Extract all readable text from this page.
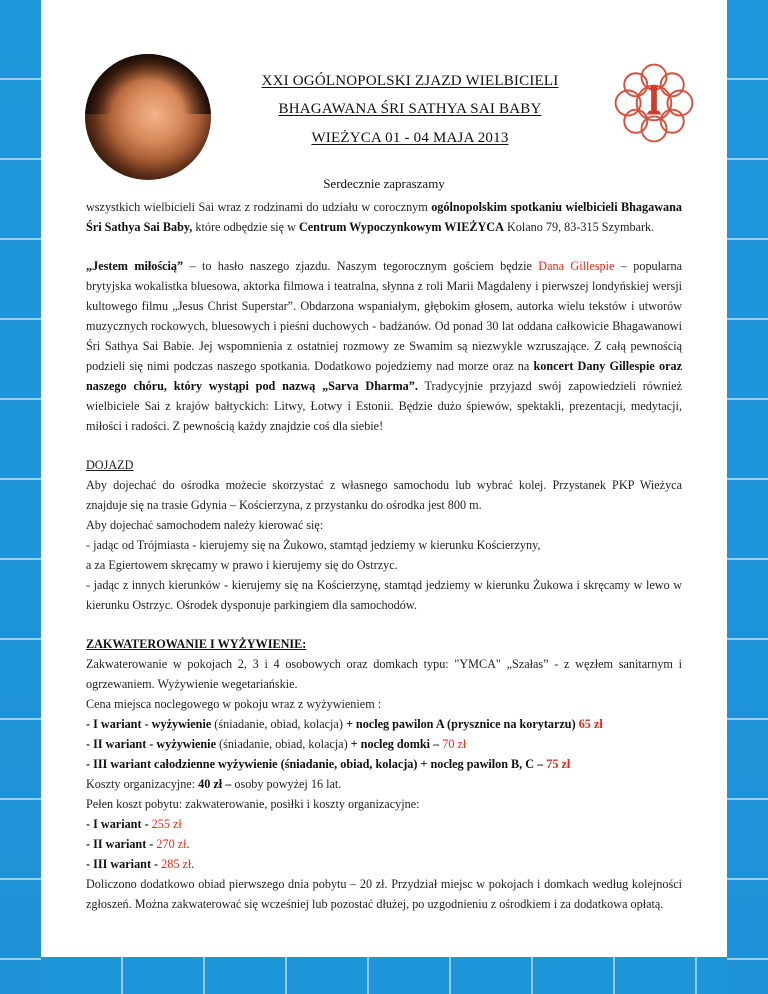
XXI OGÓLNOPOLSKI ZJAZD WIELBICIELI
BHAGAWANA ŚRI SATHYA SAI BABY
WIEŻYCA 01 - 04 MAJA 2013
Serdecznie zapraszamy

wszystkich wielbicieli Sai wraz z rodzinami do udziału w corocznym ogólnopolskim spotkaniu wielbicieli Bhagawana Śri Sathya Sai Baby, które odbędzie się w Centrum Wypoczynkowym WIEŻYCA Kolano 79, 83-315 Szymbark.

„Jestem miłością” – to hasło naszego zjazdu. Naszym tegorocznym gościem będzie Dana Gillespie – popularna brytyjska wokalistka bluesowa, aktorka filmowa i teatralna, słynna z roli Marii Magdaleny i pierwszej londyńskiej wersji kultowego filmu „Jesus Christ Superstar”. Obdarzona wspaniałym, głębokim głosem, autorka wielu tekstów i utworów muzycznych rockowych, bluesowych i pieśni duchowych - badżanów. Od ponad 30 lat oddana całkowicie Bhagawanowi Śri Sathya Sai Babie. Jej wspomnienia z ostatniej rozmowy ze Swamim są niezwykle wzruszające. Z całą pewnością podzieli się nimi podczas naszego spotkania. Dodatkowo pojedziemy nad morze oraz na koncert Dany Gillespie oraz naszego chóru, który wystąpi pod nazwą „Sarva Dharma”. Tradycyjnie przyjazd swój zapowiedzieli również wielbiciele Sai z krajów bałtyckich: Litwy, Łotwy i Estonii. Będzie dużo śpiewów, spektakli, prezentacji, medytacji, miłości i radości. Z pewnością każdy znajdzie coś dla siebie!

DOJAZD
Aby dojechać do ośrodka możecie skorzystać z własnego samochodu lub wybrać kolej. Przystanek PKP Wieżyca znajduje się na trasie Gdynia – Kościerzyna, z przystanku do ośrodka jest 800 m.
Aby dojechać samochodem należy kierować się:
- jadąc od Trójmiasta - kierujemy się na Żukowo, stamtąd jedziemy w kierunku Kościerzyny,
a za Egiertowem skręcamy w prawo i kierujemy się do Ostrzyc.
- jadąc z innych kierunków - kierujemy się na Kościerzynę, stamtąd jedziemy w kierunku Żukowa i skręcamy w lewo w kierunku Ostrzyc. Ośrodek dysponuje parkingiem dla samochodów.
ZAKWATEROWANIE I WYŻYWIENIE:
Zakwaterowanie w pokojach 2, 3 i 4 osobowych oraz domkach typu: "YMCA" „Szałas” - z węzłem sanitarnym i ogrzewaniem. Wyżywienie wegetariańskie.
Cena miejsca noclegowego w pokoju wraz z wyżywieniem :
- I wariant - wyżywienie (śniadanie, obiad, kolacja) + nocleg pawilon A (prysznice na korytarzu) 65 zł
- II wariant - wyżywienie (śniadanie, obiad, kolacja) + nocleg domki – 70 zł
- III wariant całodzienne wyżywienie (śniadanie, obiad, kolacja) + nocleg pawilon B, C – 75 zł
Koszty organizacyjne: 40 zł – osoby powyżej 16 lat.
Pełen koszt pobytu: zakwaterowanie, posiłki i koszty organizacyjne:
- I wariant - 255 zł
- II wariant - 270 zł.
- III wariant - 285 zł.
Doliczono dodatkowo obiad pierwszego dnia pobytu – 20 zł. Przydział miejsc w pokojach i domkach według kolejności zgłoszeń. Można zakwaterować się wcześniej lub pozostać dłużej, po uzgodnieniu z ośrodkiem i za dodatkowa opłatą.
